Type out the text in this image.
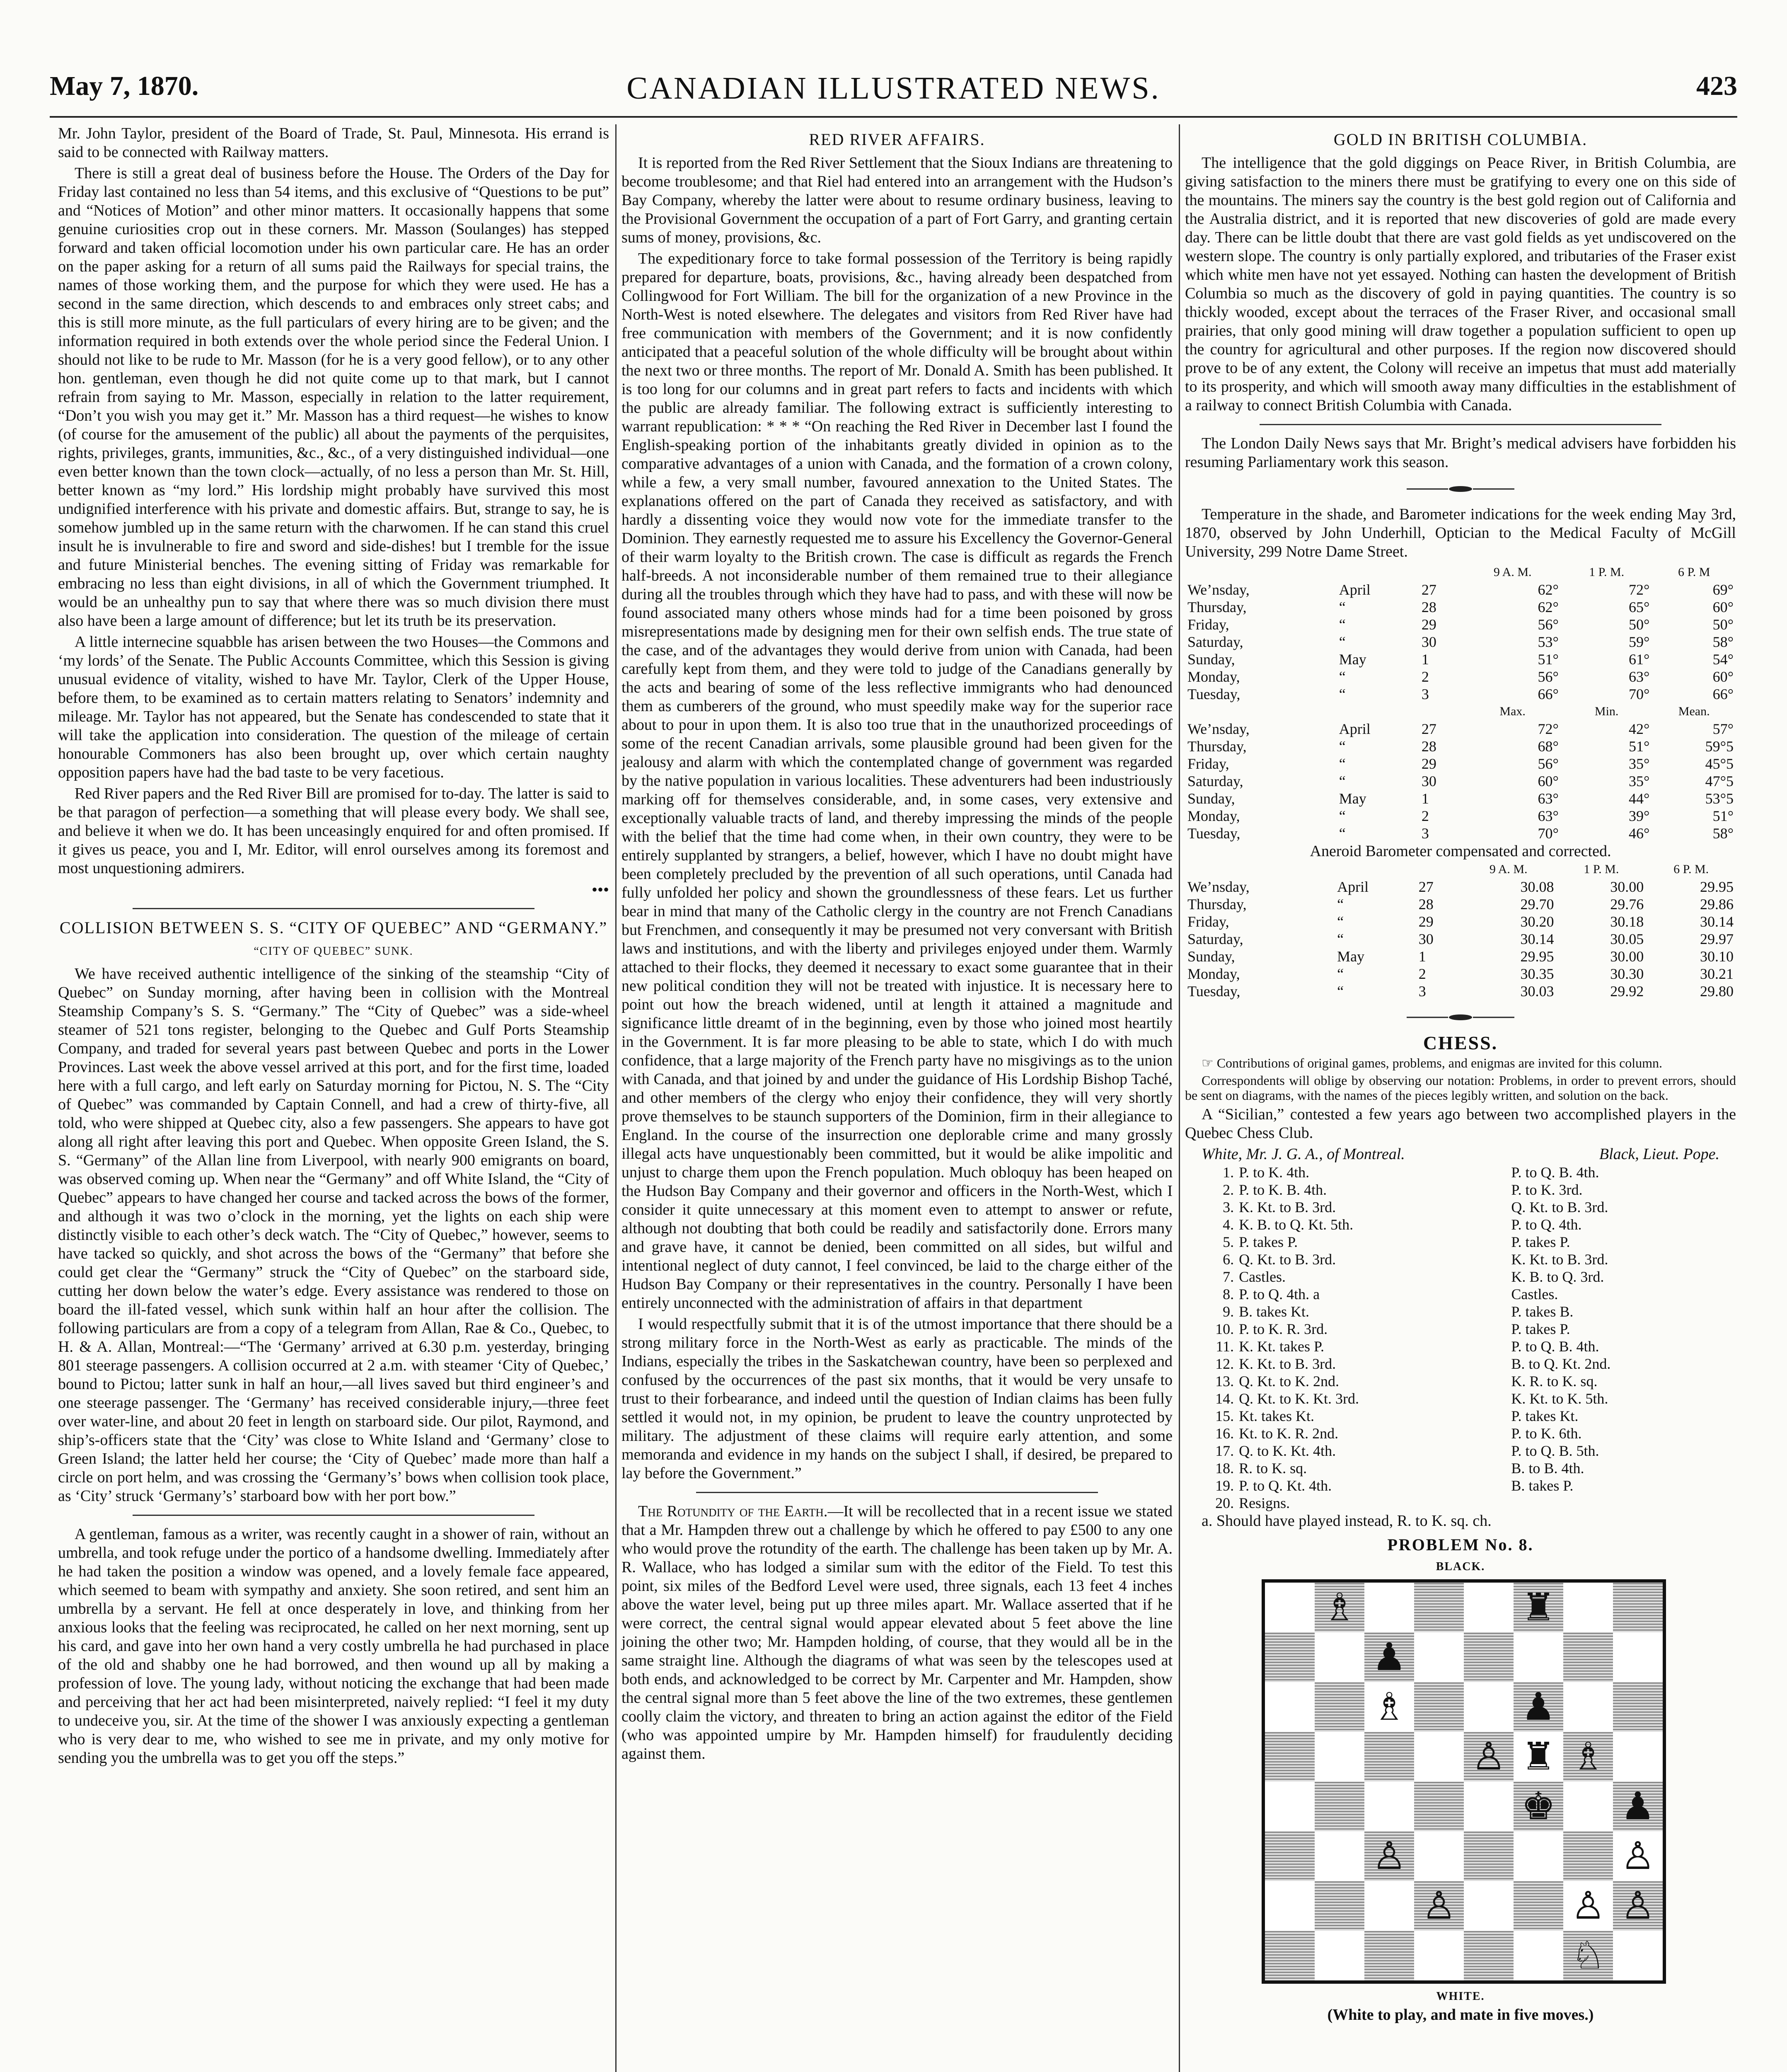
May 7, 1870.	CANADIAN ILLUSTRATED NEWS.	423

Mr. John Taylor, president of the Board of Trade, St. Paul, Minnesota. His errand is said to be connected with Railway matters.

There is still a great deal of business before the House. The Orders of the Day for Friday last contained no less than 54 items, and this exclusive of “Questions to be put” and “Notices of Motion” and other minor matters. It occasionally happens that some genuine curiosities crop out in these corners. Mr. Masson (Soulanges) has stepped forward and taken official locomotion under his own particular care. He has an order on the paper asking for a return of all sums paid the Railways for special trains, the names of those working them, and the purpose for which they were used. He has a second in the same direction, which descends to and embraces only street cabs; and this is still more minute, as the full particulars of every hiring are to be given; and the information required in both extends over the whole period since the Federal Union. I should not like to be rude to Mr. Masson (for he is a very good fellow), or to any other hon. gentleman, even though he did not quite come up to that mark, but I cannot refrain from saying to Mr. Masson, especially in relation to the latter requirement, “Don’t you wish you may get it.” Mr. Masson has a third request—he wishes to know (of course for the amusement of the public) all about the payments of the perquisites, rights, privileges, grants, immunities, &c., &c., of a very distinguished individual—one even better known than the town clock—actually, of no less a person than Mr. St. Hill, better known as “my lord.” His lordship might probably have survived this most undignified interference with his private and domestic affairs. But, strange to say, he is somehow jumbled up in the same return with the charwomen. If he can stand this cruel insult he is invulnerable to fire and sword and side-dishes! but I tremble for the issue and future Ministerial benches. The evening sitting of Friday was remarkable for embracing no less than eight divisions, in all of which the Government triumphed. It would be an unhealthy pun to say that where there was so much division there must also have been a large amount of difference; but let its truth be its preservation.

A little internecine squabble has arisen between the two Houses—the Commons and ‘my lords’ of the Senate. The Public Accounts Committee, which this Session is giving unusual evidence of vitality, wished to have Mr. Taylor, Clerk of the Upper House, before them, to be examined as to certain matters relating to Senators’ indemnity and mileage. Mr. Taylor has not appeared, but the Senate has condescended to state that it will take the application into consideration. The question of the mileage of certain honourable Commoners has also been brought up, over which certain naughty opposition papers have had the bad taste to be very facetious.

Red River papers and the Red River Bill are promised for to-day. The latter is said to be that paragon of perfection—a something that will please every body. We shall see, and believe it when we do. It has been unceasingly enquired for and often promised. If it gives us peace, you and I, Mr. Editor, will enrol ourselves among its foremost and most unquestioning admirers.

•••
COLLISION BETWEEN S. S. “CITY OF QUEBEC” AND “GERMANY.”
“CITY OF QUEBEC” SUNK.

We have received authentic intelligence of the sinking of the steamship “City of Quebec” on Sunday morning, after having been in collision with the Montreal Steamship Company’s S. S. “Germany.” The “City of Quebec” was a side-wheel steamer of 521 tons register, belonging to the Quebec and Gulf Ports Steamship Company, and traded for several years past between Quebec and ports in the Lower Provinces. Last week the above vessel arrived at this port, and for the first time, loaded here with a full cargo, and left early on Saturday morning for Pictou, N. S. The “City of Quebec” was commanded by Captain Connell, and had a crew of thirty-five, all told, who were shipped at Quebec city, also a few passengers. She appears to have got along all right after leaving this port and Quebec. When opposite Green Island, the S. S. “Germany” of the Allan line from Liverpool, with nearly 900 emigrants on board, was observed coming up. When near the “Germany” and off White Island, the “City of Quebec” appears to have changed her course and tacked across the bows of the former, and although it was two o’clock in the morning, yet the lights on each ship were distinctly visible to each other’s deck watch. The “City of Quebec,” however, seems to have tacked so quickly, and shot across the bows of the “Germany” that before she could get clear the “Germany” struck the “City of Quebec” on the starboard side, cutting her down below the water’s edge. Every assistance was rendered to those on board the ill-fated vessel, which sunk within half an hour after the collision. The following particulars are from a copy of a telegram from Allan, Rae & Co., Quebec, to H. & A. Allan, Montreal:—“The ‘Germany’ arrived at 6.30 p.m. yesterday, bringing 801 steerage passengers. A collision occurred at 2 a.m. with steamer ‘City of Quebec,’ bound to Pictou; latter sunk in half an hour,—all lives saved but third engineer’s and one steerage passenger. The ‘Germany’ has received considerable injury,—three feet over water-line, and about 20 feet in length on starboard side. Our pilot, Raymond, and ship’s-officers state that the ‘City’ was close to White Island and ‘Germany’ close to Green Island; the latter held her course; the ‘City of Quebec’ made more than half a circle on port helm, and was crossing the ‘Germany’s’ bows when collision took place, as ‘City’ struck ‘Germany’s’ starboard bow with her port bow.”

A gentleman, famous as a writer, was recently caught in a shower of rain, without an umbrella, and took refuge under the portico of a handsome dwelling. Immediately after he had taken the position a window was opened, and a lovely female face appeared, which seemed to beam with sympathy and anxiety. She soon retired, and sent him an umbrella by a servant. He fell at once desperately in love, and thinking from her anxious looks that the feeling was reciprocated, he called on her next morning, sent up his card, and gave into her own hand a very costly umbrella he had purchased in place of the old and shabby one he had borrowed, and then wound up all by making a profession of love. The young lady, without noticing the exchange that had been made and perceiving that her act had been misinterpreted, naively replied: “I feel it my duty to undeceive you, sir. At the time of the shower I was anxiously expecting a gentleman who is very dear to me, who wished to see me in private, and my only motive for sending you the umbrella was to get you off the steps.”

RED RIVER AFFAIRS.

It is reported from the Red River Settlement that the Sioux Indians are threatening to become troublesome; and that Riel had entered into an arrangement with the Hudson’s Bay Company, whereby the latter were about to resume ordinary business, leaving to the Provisional Government the occupation of a part of Fort Garry, and granting certain sums of money, provisions, &c.

The expeditionary force to take formal possession of the Territory is being rapidly prepared for departure, boats, provisions, &c., having already been despatched from Collingwood for Fort William. The bill for the organization of a new Province in the North-West is noted elsewhere. The delegates and visitors from Red River have had free communication with members of the Government; and it is now confidently anticipated that a peaceful solution of the whole difficulty will be brought about within the next two or three months. The report of Mr. Donald A. Smith has been published. It is too long for our columns and in great part refers to facts and incidents with which the public are already familiar. The following extract is sufficiently interesting to warrant republication: * * * “On reaching the Red River in December last I found the English-speaking portion of the inhabitants greatly divided in opinion as to the comparative advantages of a union with Canada, and the formation of a crown colony, while a few, a very small number, favoured annexation to the United States. The explanations offered on the part of Canada they received as satisfactory, and with hardly a dissenting voice they would now vote for the immediate transfer to the Dominion. They earnestly requested me to assure his Excellency the Governor-General of their warm loyalty to the British crown. The case is difficult as regards the French half-breeds. A not inconsiderable number of them remained true to their allegiance during all the troubles through which they have had to pass, and with these will now be found associated many others whose minds had for a time been poisoned by gross misrepresentations made by designing men for their own selfish ends. The true state of the case, and of the advantages they would derive from union with Canada, had been carefully kept from them, and they were told to judge of the Canadians generally by the acts and bearing of some of the less reflective immigrants who had denounced them as cumberers of the ground, who must speedily make way for the superior race about to pour in upon them. It is also too true that in the unauthorized proceedings of some of the recent Canadian arrivals, some plausible ground had been given for the jealousy and alarm with which the contemplated change of government was regarded by the native population in various localities. These adventurers had been industriously marking off for themselves considerable, and, in some cases, very extensive and exceptionally valuable tracts of land, and thereby impressing the minds of the people with the belief that the time had come when, in their own country, they were to be entirely supplanted by strangers, a belief, however, which I have no doubt might have been completely precluded by the prevention of all such operations, until Canada had fully unfolded her policy and shown the groundlessness of these fears. Let us further bear in mind that many of the Catholic clergy in the country are not French Canadians but Frenchmen, and consequently it may be presumed not very conversant with British laws and institutions, and with the liberty and privileges enjoyed under them. Warmly attached to their flocks, they deemed it necessary to exact some guarantee that in their new political condition they will not be treated with injustice. It is necessary here to point out how the breach widened, until at length it attained a magnitude and significance little dreamt of in the beginning, even by those who joined most heartily in the Government. It is far more pleasing to be able to state, which I do with much confidence, that a large majority of the French party have no misgivings as to the union with Canada, and that joined by and under the guidance of His Lordship Bishop Taché, and other members of the clergy who enjoy their confidence, they will very shortly prove themselves to be staunch supporters of the Dominion, firm in their allegiance to England. In the course of the insurrection one deplorable crime and many grossly illegal acts have unquestionably been committed, but it would be alike impolitic and unjust to charge them upon the French population. Much obloquy has been heaped on the Hudson Bay Company and their governor and officers in the North-West, which I consider it quite unnecessary at this moment even to attempt to answer or refute, although not doubting that both could be readily and satisfactorily done. Errors many and grave have, it cannot be denied, been committed on all sides, but wilful and intentional neglect of duty cannot, I feel convinced, be laid to the charge either of the Hudson Bay Company or their representatives in the country. Personally I have been entirely unconnected with the administration of affairs in that department

I would respectfully submit that it is of the utmost importance that there should be a strong military force in the North-West as early as practicable. The minds of the Indians, especially the tribes in the Saskatchewan country, have been so perplexed and confused by the occurrences of the past six months, that it would be very unsafe to trust to their forbearance, and indeed until the question of Indian claims has been fully settled it would not, in my opinion, be prudent to leave the country unprotected by military. The adjustment of these claims will require early attention, and some memoranda and evidence in my hands on the subject I shall, if desired, be prepared to lay before the Government.”

The Rotundity of the Earth.—It will be recollected that in a recent issue we stated that a Mr. Hampden threw out a challenge by which he offered to pay £500 to any one who would prove the rotundity of the earth. The challenge has been taken up by Mr. A. R. Wallace, who has lodged a similar sum with the editor of the Field. To test this point, six miles of the Bedford Level were used, three signals, each 13 feet 4 inches above the water level, being put up three miles apart. Mr. Wallace asserted that if he were correct, the central signal would appear elevated about 5 feet above the line joining the other two; Mr. Hampden holding, of course, that they would all be in the same straight line. Although the diagrams of what was seen by the telescopes used at both ends, and acknowledged to be correct by Mr. Carpenter and Mr. Hampden, show the central signal more than 5 feet above the line of the two extremes, these gentlemen coolly claim the victory, and threaten to bring an action against the editor of the Field (who was appointed umpire by Mr. Hampden himself) for fraudulently deciding against them.

GOLD IN BRITISH COLUMBIA.

The intelligence that the gold diggings on Peace River, in British Columbia, are giving satisfaction to the miners there must be gratifying to every one on this side of the mountains. The miners say the country is the best gold region out of California and the Australia district, and it is reported that new discoveries of gold are made every day. There can be little doubt that there are vast gold fields as yet undiscovered on the western slope. The country is only partially explored, and tributaries of the Fraser exist which white men have not yet essayed. Nothing can hasten the development of British Columbia so much as the discovery of gold in paying quantities. The country is so thickly wooded, except about the terraces of the Fraser River, and occasional small prairies, that only good mining will draw together a population sufficient to open up the country for agricultural and other purposes. If the region now discovered should prove to be of any extent, the Colony will receive an impetus that must add materially to its prosperity, and which will smooth away many difficulties in the establishment of a railway to connect British Columbia with Canada.

The London Daily News says that Mr. Bright’s medical advisers have forbidden his resuming Parliamentary work this season.

Temperature in the shade, and Barometer indications for the week ending May 3rd, 1870, observed by John Underhill, Optician to the Medical Faculty of McGill University, 299 Notre Dame Street.

			9 A. M.	1 P. M.	6 P. M
We’nsday,	April	27	62°	72°	69°
Thursday,	“	28	62°	65°	60°
Friday,	“	29	56°	50°	50°
Saturday,	“	30	53°	59°	58°
Sunday,	May	1	51°	61°	54°
Monday,	“	2	56°	63°	60°
Tuesday,	“	3	66°	70°	66°
			Max.	Min.	Mean.
We’nsday,	April	27	72°	42°	57°
Thursday,	“	28	68°	51°	59°5
Friday,	“	29	56°	35°	45°5
Saturday,	“	30	60°	35°	47°5
Sunday,	May	1	63°	44°	53°5
Monday,	“	2	63°	39°	51°
Tuesday,	“	3	70°	46°	58°
Aneroid Barometer compensated and corrected.
			9 A. M.	1 P. M.	6 P. M.
We’nsday,	April	27	30.08	30.00	29.95
Thursday,	“	28	29.70	29.76	29.86
Friday,	“	29	30.20	30.18	30.14
Saturday,	“	30	30.14	30.05	29.97
Sunday,	May	1	29.95	30.00	30.10
Monday,	“	2	30.35	30.30	30.21
Tuesday,	“	3	30.03	29.92	29.80
CHESS.

☞ Contributions of original games, problems, and enigmas are invited for this column.

Correspondents will oblige by observing our notation: Problems, in order to prevent errors, should be sent on diagrams, with the names of the pieces legibly written, and solution on the back.

A “Sicilian,” contested a few years ago between two accomplished players in the Quebec Chess Club.

White, Mr. J. G. A., of Montreal.	Black, Lieut. Pope.
1.	P. to K. 4th.	P. to Q. B. 4th.
2.	P. to K. B. 4th.	P. to K. 3rd.
3.	K. Kt. to B. 3rd.	Q. Kt. to B. 3rd.
4.	K. B. to Q. Kt. 5th.	P. to Q. 4th.
5.	P. takes P.	P. takes P.
6.	Q. Kt. to B. 3rd.	K. Kt. to B. 3rd.
7.	Castles.	K. B. to Q. 3rd.
8.	P. to Q. 4th. a	Castles.
9.	B. takes Kt.	P. takes B.
10.	P. to K. R. 3rd.	P. takes P.
11.	K. Kt. takes P.	P. to Q. B. 4th.
12.	K. Kt. to B. 3rd.	B. to Q. Kt. 2nd.
13.	Q. Kt. to K. 2nd.	K. R. to K. sq.
14.	Q. Kt. to K. Kt. 3rd.	K. Kt. to K. 5th.
15.	Kt. takes Kt.	P. takes Kt.
16.	Kt. to K. R. 2nd.	P. to K. 6th.
17.	Q. to K. Kt. 4th.	P. to Q. B. 5th.
18.	R. to K. sq.	B. to B. 4th.
19.	P. to Q. Kt. 4th.	B. takes P.
20.	Resigns.	
a. Should have played instead, R. to K. sq. ch.
PROBLEM No. 8.
BLACK.
♗	♜
♟
♗	♟
♙ ♜ ♗
♚ ♟
♙	♙
♙	♙ ♙
♘
WHITE.
(White to play, and mate in five moves.)
